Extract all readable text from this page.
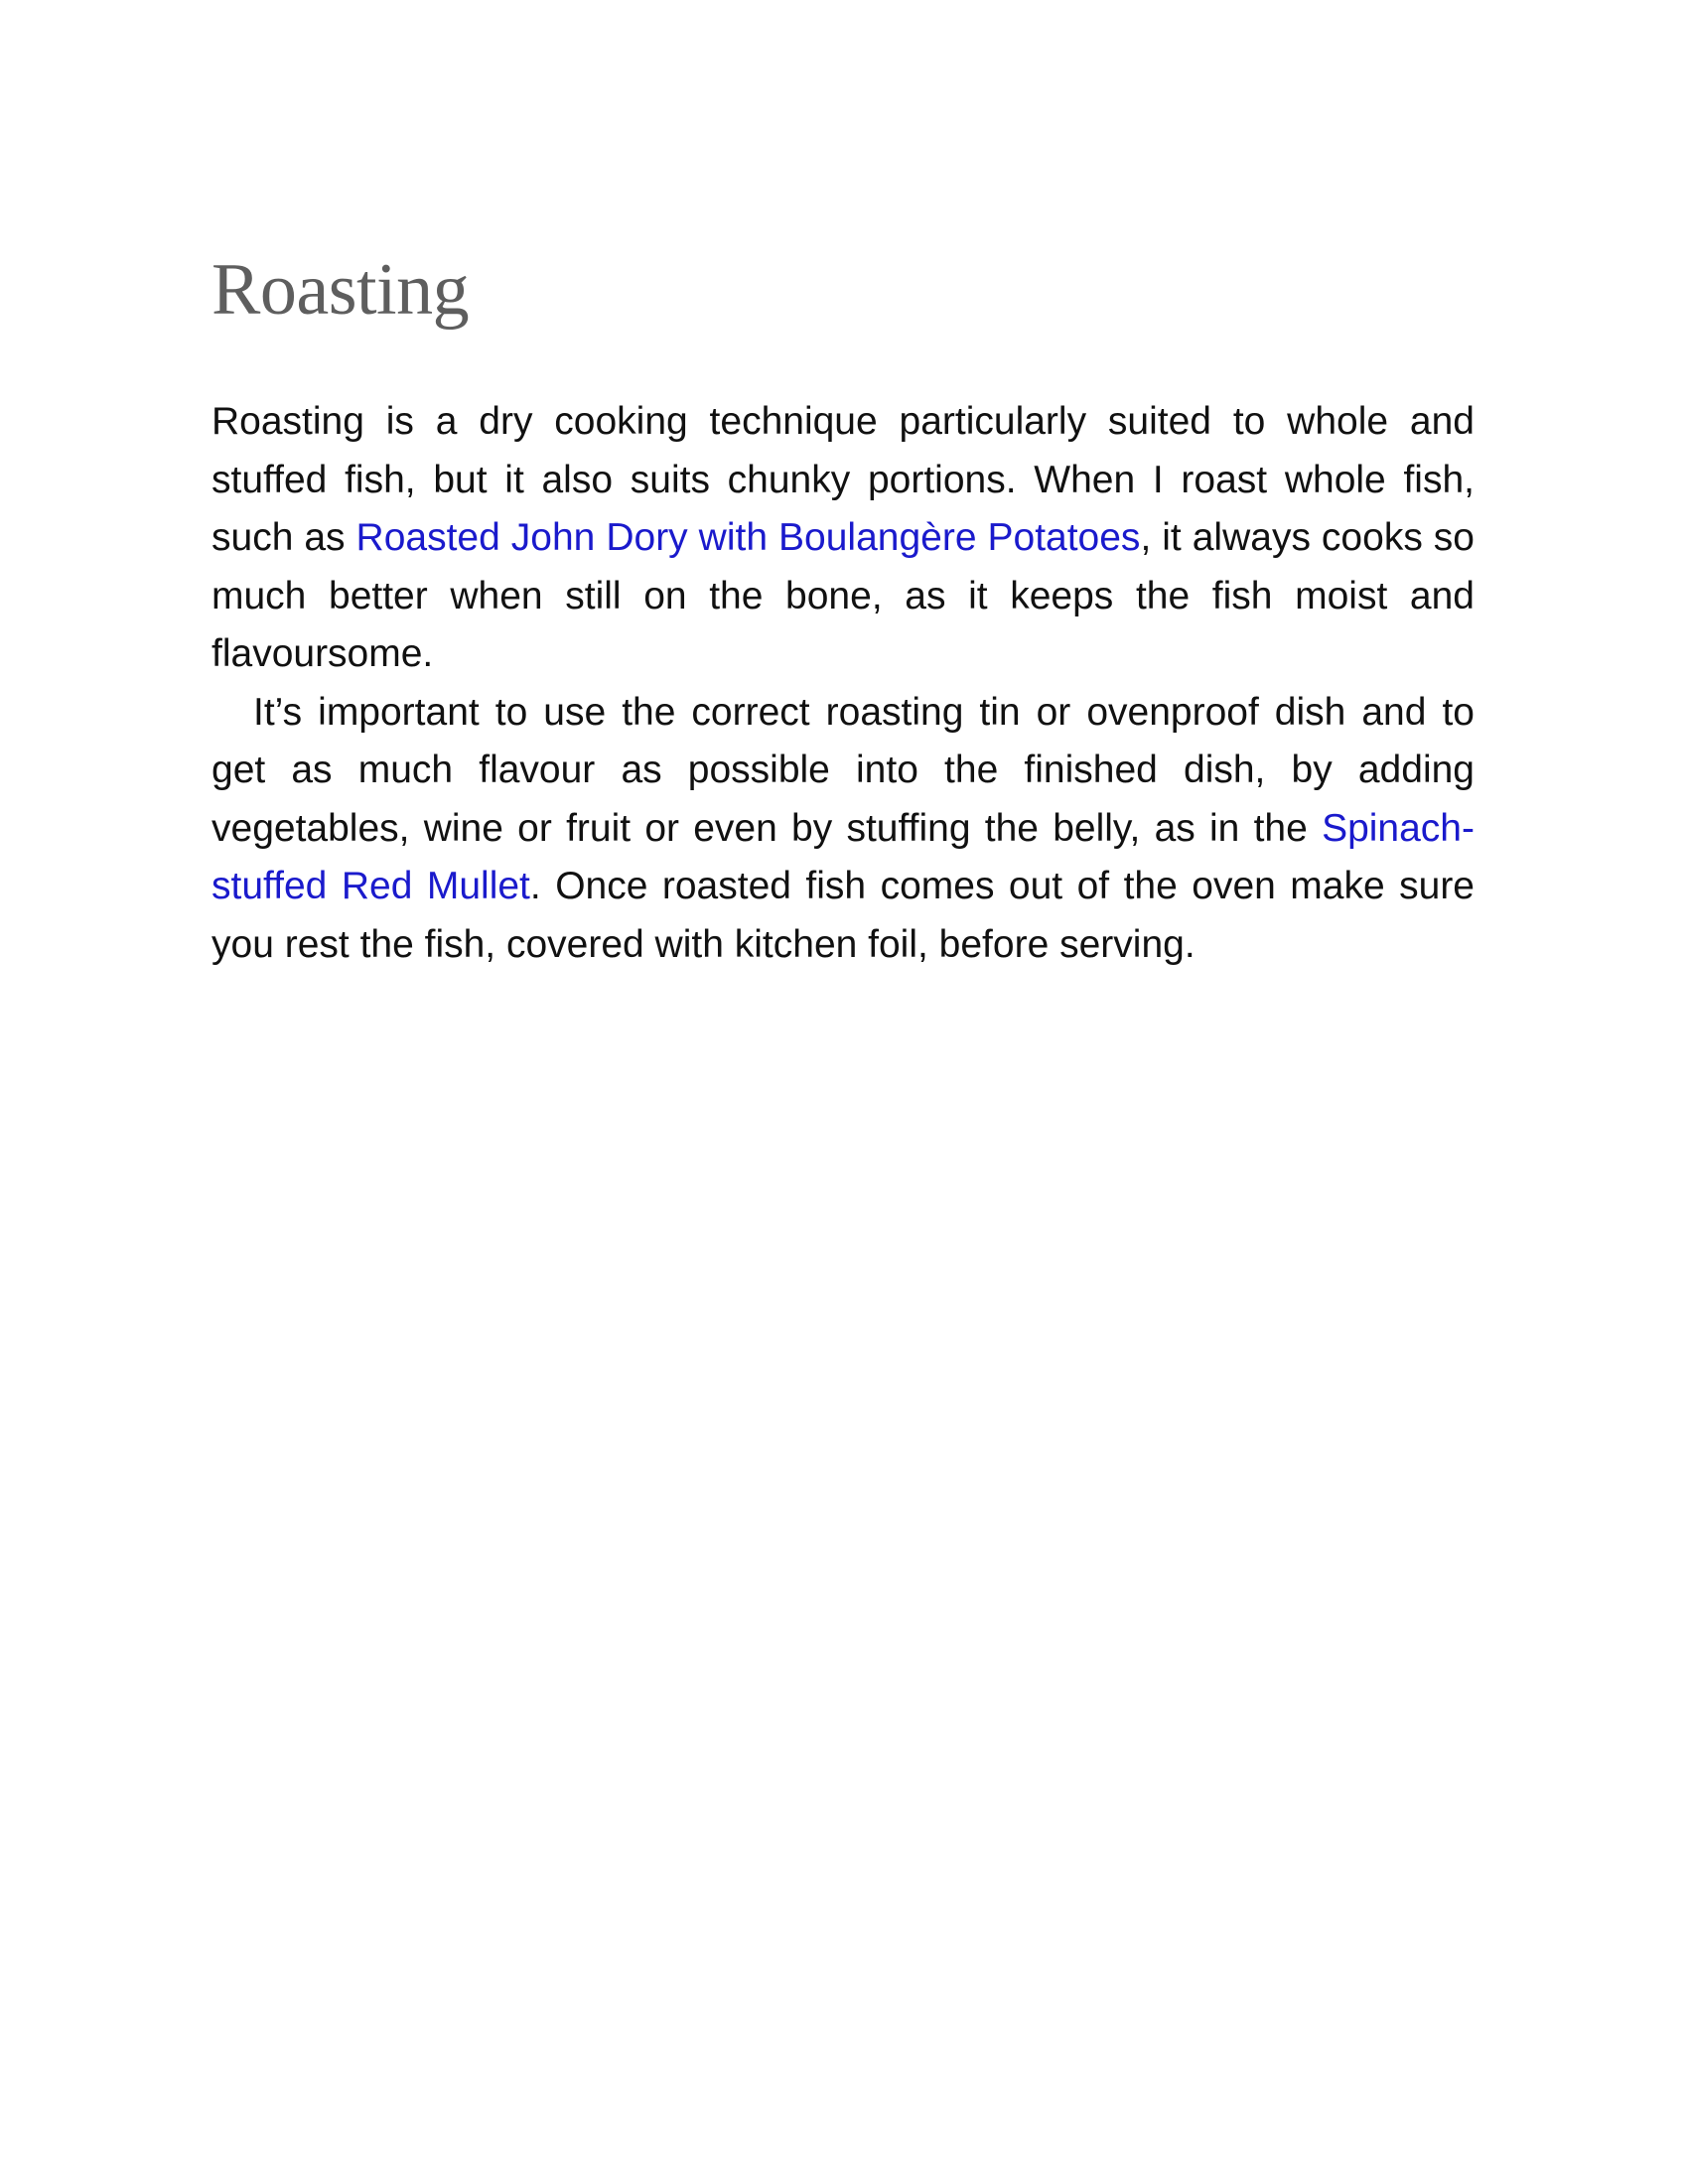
Roasting

Roasting is a dry cooking technique particularly suited to whole and stuffed fish, but it also suits chunky portions. When I roast whole fish, such as Roasted John Dory with Boulangère Potatoes, it always cooks so much better when still on the bone, as it keeps the fish moist and flavoursome.

It’s important to use the correct roasting tin or ovenproof dish and to get as much flavour as possible into the finished dish, by adding vegetables, wine or fruit or even by stuffing the belly, as in the Spinach-stuffed Red Mullet. Once roasted fish comes out of the oven make sure you rest the fish, covered with kitchen foil, before serving.
